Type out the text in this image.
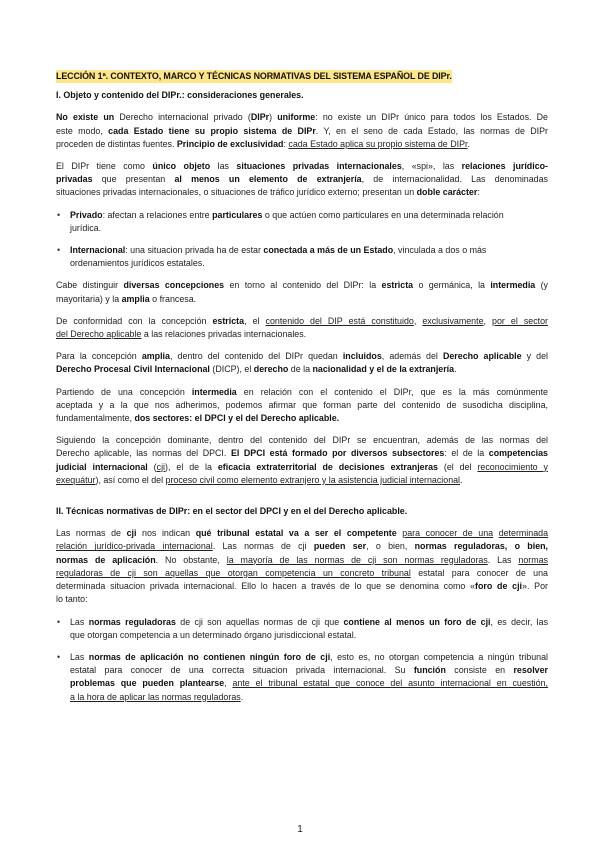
LECCIÓN 1ª. CONTEXTO, MARCO Y TÉCNICAS NORMATIVAS DEL SISTEMA ESPAÑOL DE DIPr.
I. Objeto y contenido del DIPr.: consideraciones generales.
No existe un Derecho internacional privado (DIPr) uniforme: no existe un DIPr único para todos los Estados. De
este modo, cada Estado tiene su propio sistema de DIPr. Y, en el seno de cada Estado, las normas de DIPr
proceden de distintas fuentes. Principio de exclusividad: cada Estado aplica su propio sistema de DIPr.
El DIPr tiene como único objeto las situaciones privadas internacionales, «spi», las relaciones jurídico-
privadas que presentan al menos un elemento de extranjería, de internacionalidad. Las denominadas
situaciones privadas internacionales, o situaciones de tráfico jurídico externo; presentan un doble carácter:
• Privado: afectan a relaciones entre particulares o que actúen como particulares en una determinada relación
jurídica.
• Internacional: una situacion privada ha de estar conectada a más de un Estado, vinculada a dos o más
ordenamientos jurídicos estatales.
Cabe distinguir diversas concepciones en torno al contenido del DIPr: la estricta o germánica, la intermedia (y
mayoritaria) y la amplia o francesa.
De conformidad con la concepción estricta, el contenido del DIP está constituido, exclusivamente, por el sector
del Derecho aplicable a las relaciones privadas internacionales.
Para la concepción amplia, dentro del contenido del DIPr quedan incluidos, además del Derecho aplicable y del
Derecho Procesal Civil Internacional (DICP), el derecho de la nacionalidad y el de la extranjería.
Partiendo de una concepción intermedia en relación con el contenido el DIPr, que es la más comúnmente
aceptada y a la que nos adherimos, podemos afirmar que forman parte del contenido de susodicha disciplina,
fundamentalmente, dos sectores: el DPCI y el del Derecho aplicable.
Siguiendo la concepción dominante, dentro del contenido del DIPr se encuentran, además de las normas del
Derecho aplicable, las normas del DPCI. El DPCI está formado por diversos subsectores: el de la competencias
judicial internacional (cji), el de la eficacia extraterritorial de decisiones extranjeras (el del reconocimiento y
exequátur), así como el del proceso civil como elemento extranjero y la asistencia judicial internacional.
II. Técnicas normativas de DIPr: en el sector del DPCI y en el del Derecho aplicable.
Las normas de cji nos indican qué tribunal estatal va a ser el competente para conocer de una determinada
relación jurídico-privada internacional. Las normas de cji pueden ser, o bien, normas reguladoras, o bien,
normas de aplicación. No obstante, la mayoría de las normas de cji son normas reguladoras. Las normas
reguladoras de cji son aquellas que otorgan competencia un concreto tribunal estatal para conocer de una
determinada situacion privada internacional. Ello lo hacen a través de lo que se denomina como «foro de cji». Por
lo tanto:
• Las normas reguladoras de cji son aquellas normas de cji que contiene al menos un foro de cji, es decir, las
que otorgan competencia a un determinado órgano jurisdiccional estatal.
• Las normas de aplicación no contienen ningún foro de cji, esto es, no otorgan competencia a ningún tribunal
estatal para conocer de una correcta situacion privada internacional. Su función consiste en resolver
problemas que pueden plantearse, ante el tribunal estatal que conoce del asunto internacional en cuestión,
a la hora de aplicar las normas reguladoras.
1
